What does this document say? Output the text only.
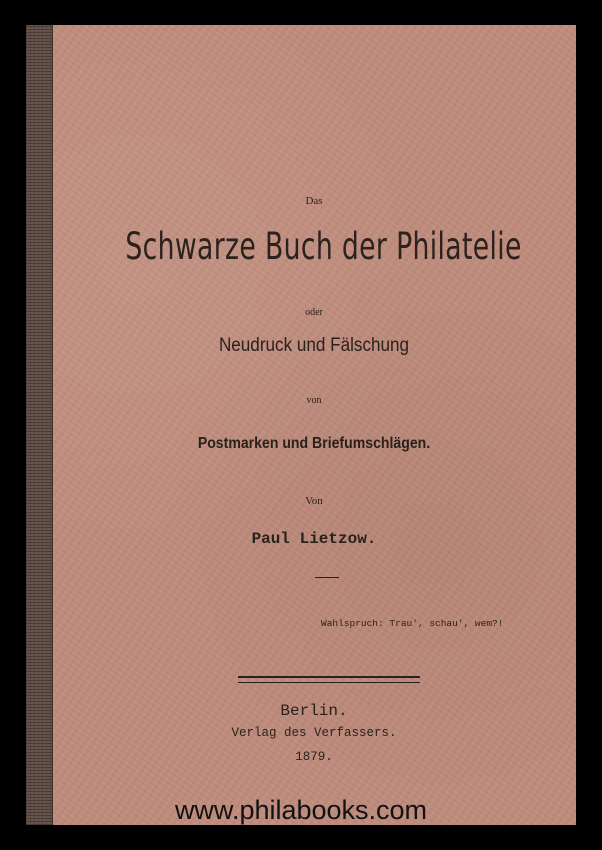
Das
Schwarze Buch der Philatelie
oder
Neudruck und Fälschung
von
Postmarken und Briefumschlägen.
Von
Paul Lietzow.
Wahlspruch: Trau', schau', wem?!
Berlin.
Verlag des Verfassers.
1879.
www.philabooks.com
